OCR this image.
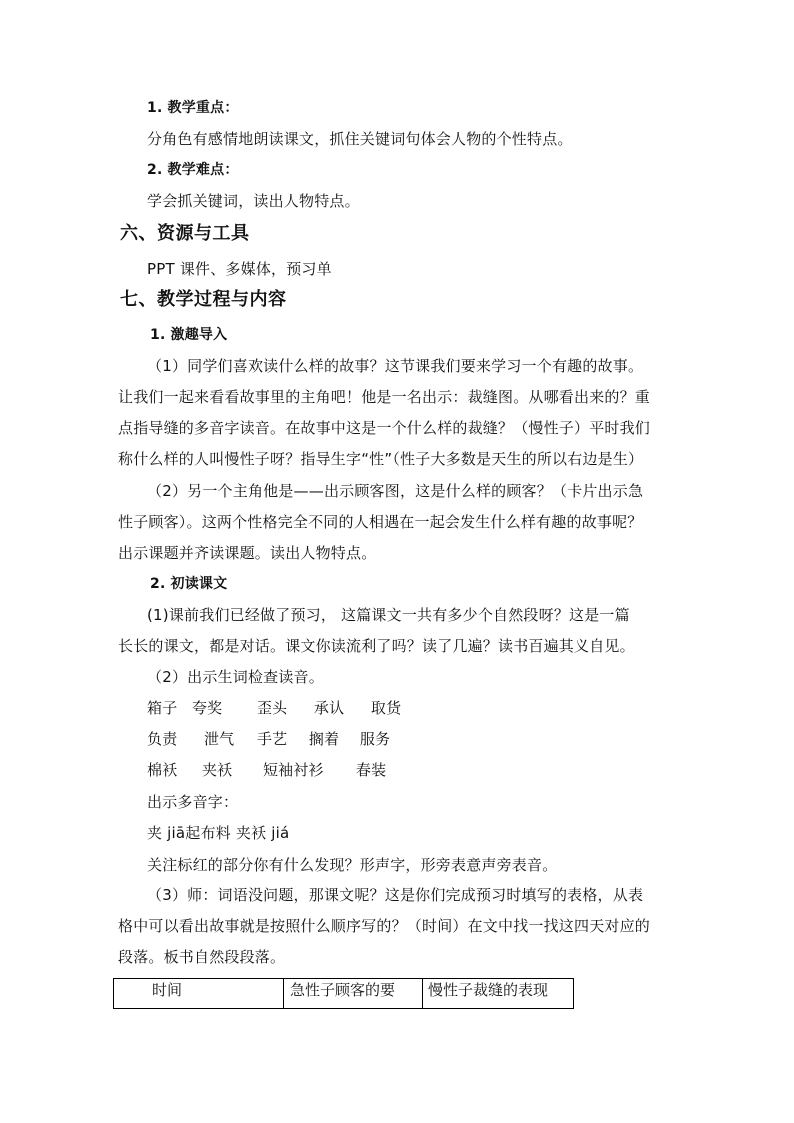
1. 教学重点：
分角色有感情地朗读课文，抓住关键词句体会人物的个性特点。
2. 教学难点：
学会抓关键词，读出人物特点。
六、资源与工具
PPT 课件、多媒体，预习单
七、教学过程与内容
1. 激趣导入
（1）同学们喜欢读什么样的故事？这节课我们要来学习一个有趣的故事。
让我们一起来看看故事里的主角吧！他是一名出示：裁缝图。从哪看出来的？重
点指导缝的多音字读音。在故事中这是一个什么样的裁缝？（慢性子）平时我们
称什么样的人叫慢性子呀？指导生字“性”（性子大多数是天生的所以右边是生）
（2）另一个主角他是——出示顾客图，这是什么样的顾客？（卡片出示急
性子顾客）。这两个性格完全不同的人相遇在一起会发生什么样有趣的故事呢？
出示课题并齐读课题。读出人物特点。
2. 初读课文
(1)课前我们已经做了预习， 这篇课文一共有多少个自然段呀？这是一篇
长长的课文，都是对话。课文你读流利了吗？读了几遍？读书百遍其义自见。
（2）出示生词检查读音。
箱子 夸奖 歪头 承认 取货
负责 泄气 手艺 搁着 服务
棉袄 夹袄 短袖衬衫 春装
出示多音字：
夹 jiā起布料 夹袄 jiá
关注标红的部分你有什么发现？形声字，形旁表意声旁表音。
（3）师：词语没问题，那课文呢？这是你们完成预习时填写的表格，从表
格中可以看出故事就是按照什么顺序写的？（时间）在文中找一找这四天对应的
段落。板书自然段段落。
时间	急性子顾客的要	慢性子裁缝的表现
